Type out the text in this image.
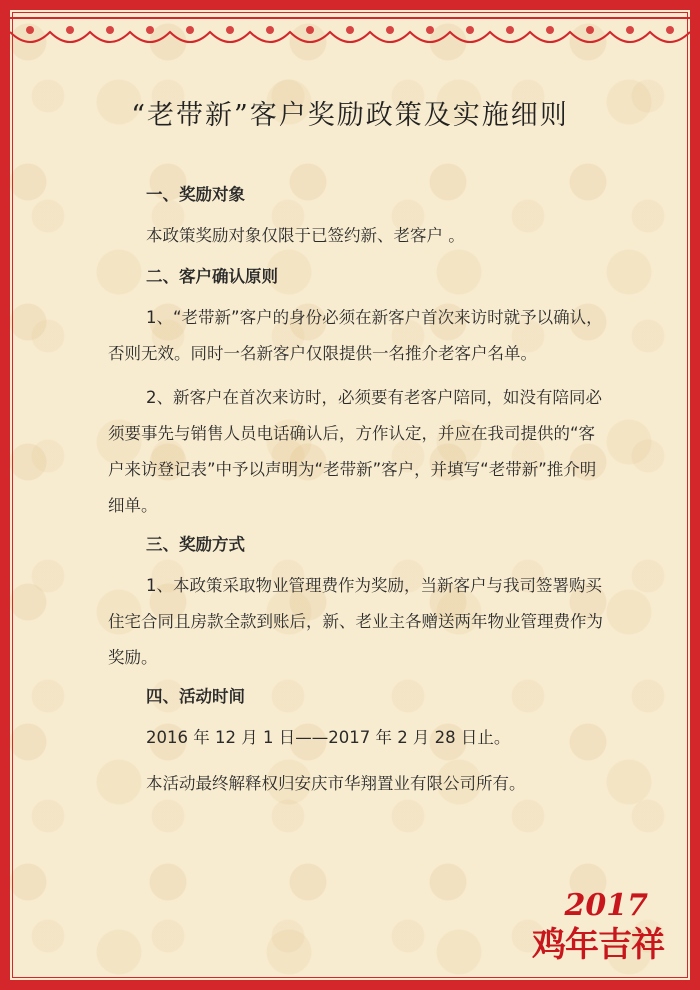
“老带新”客户奖励政策及实施细则
一、奖励对象

本政策奖励对象仅限于已签约新、老客户 。

二、客户确认原则

1、“老带新”客户的身份必须在新客户首次来访时就予以确认，否则无效。同时一名新客户仅限提供一名推介老客户名单。

2、新客户在首次来访时，必须要有老客户陪同，如没有陪同必须要事先与销售人员电话确认后，方作认定，并应在我司提供的“客户来访登记表”中予以声明为“老带新”客户，并填写“老带新”推介明细单。

三、奖励方式

1、本政策采取物业管理费作为奖励，当新客户与我司签署购买住宅合同且房款全款到账后，新、老业主各赠送两年物业管理费作为奖励。

四、活动时间

2016 年 12 月 1 日——2017 年 2 月 28 日止。

本活动最终解释权归安庆市华翔置业有限公司所有。

2017
鸡年吉祥
